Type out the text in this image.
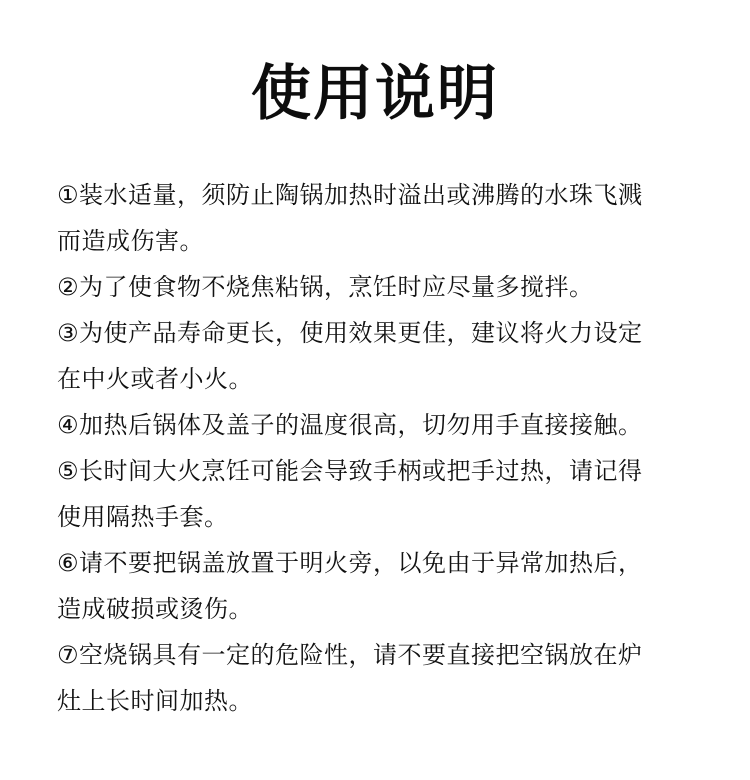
使用说明
①装水适量，须防止陶锅加热时溢出或沸腾的水珠飞溅
而造成伤害。
②为了使食物不烧焦粘锅，烹饪时应尽量多搅拌。
③为使产品寿命更长，使用效果更佳，建议将火力设定
在中火或者小火。
④加热后锅体及盖子的温度很高，切勿用手直接接触。
⑤长时间大火烹饪可能会导致手柄或把手过热，请记得
使用隔热手套。
⑥请不要把锅盖放置于明火旁，以免由于异常加热后，
造成破损或烫伤。
⑦空烧锅具有一定的危险性，请不要直接把空锅放在炉
灶上长时间加热。
